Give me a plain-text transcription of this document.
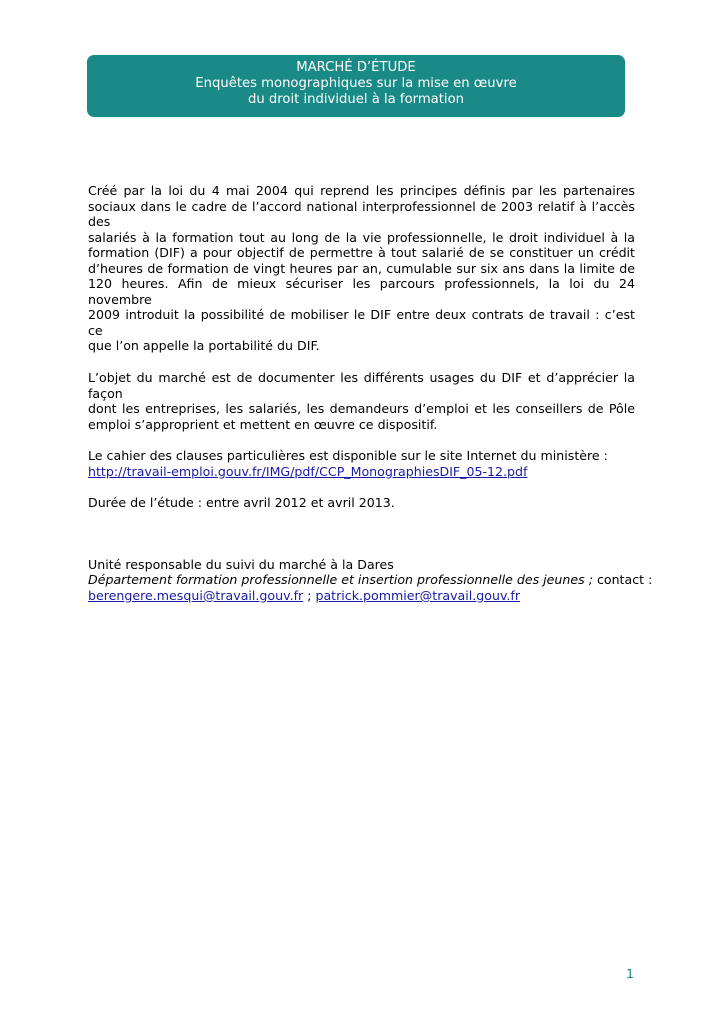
MARCHÉ D’ÉTUDE
Enquêtes monographiques sur la mise en œuvre
du droit individuel à la formation
Créé par la loi du 4 mai 2004 qui reprend les principes définis par les partenaires
sociaux dans le cadre de l’accord national interprofessionnel de 2003 relatif à l’accès des
salariés à la formation tout au long de la vie professionnelle, le droit individuel à la
formation (DIF) a pour objectif de permettre à tout salarié de se constituer un crédit
d’heures de formation de vingt heures par an, cumulable sur six ans dans la limite de
120 heures. Afin de mieux sécuriser les parcours professionnels, la loi du 24 novembre
2009 introduit la possibilité de mobiliser le DIF entre deux contrats de travail : c’est ce
que l’on appelle la portabilité du DIF.
L’objet du marché est de documenter les différents usages du DIF et d’apprécier la façon
dont les entreprises, les salariés, les demandeurs d’emploi et les conseillers de Pôle
emploi s’approprient et mettent en œuvre ce dispositif.
Le cahier des clauses particulières est disponible sur le site Internet du ministère :
http://travail-emploi.gouv.fr/IMG/pdf/CCP_MonographiesDIF_05-12.pdf
Durée de l’étude : entre avril 2012 et avril 2013.
Unité responsable du suivi du marché à la Dares
Département formation professionnelle et insertion professionnelle des jeunes ; contact :
berengere.mesqui@travail.gouv.fr ; patrick.pommier@travail.gouv.fr
1
